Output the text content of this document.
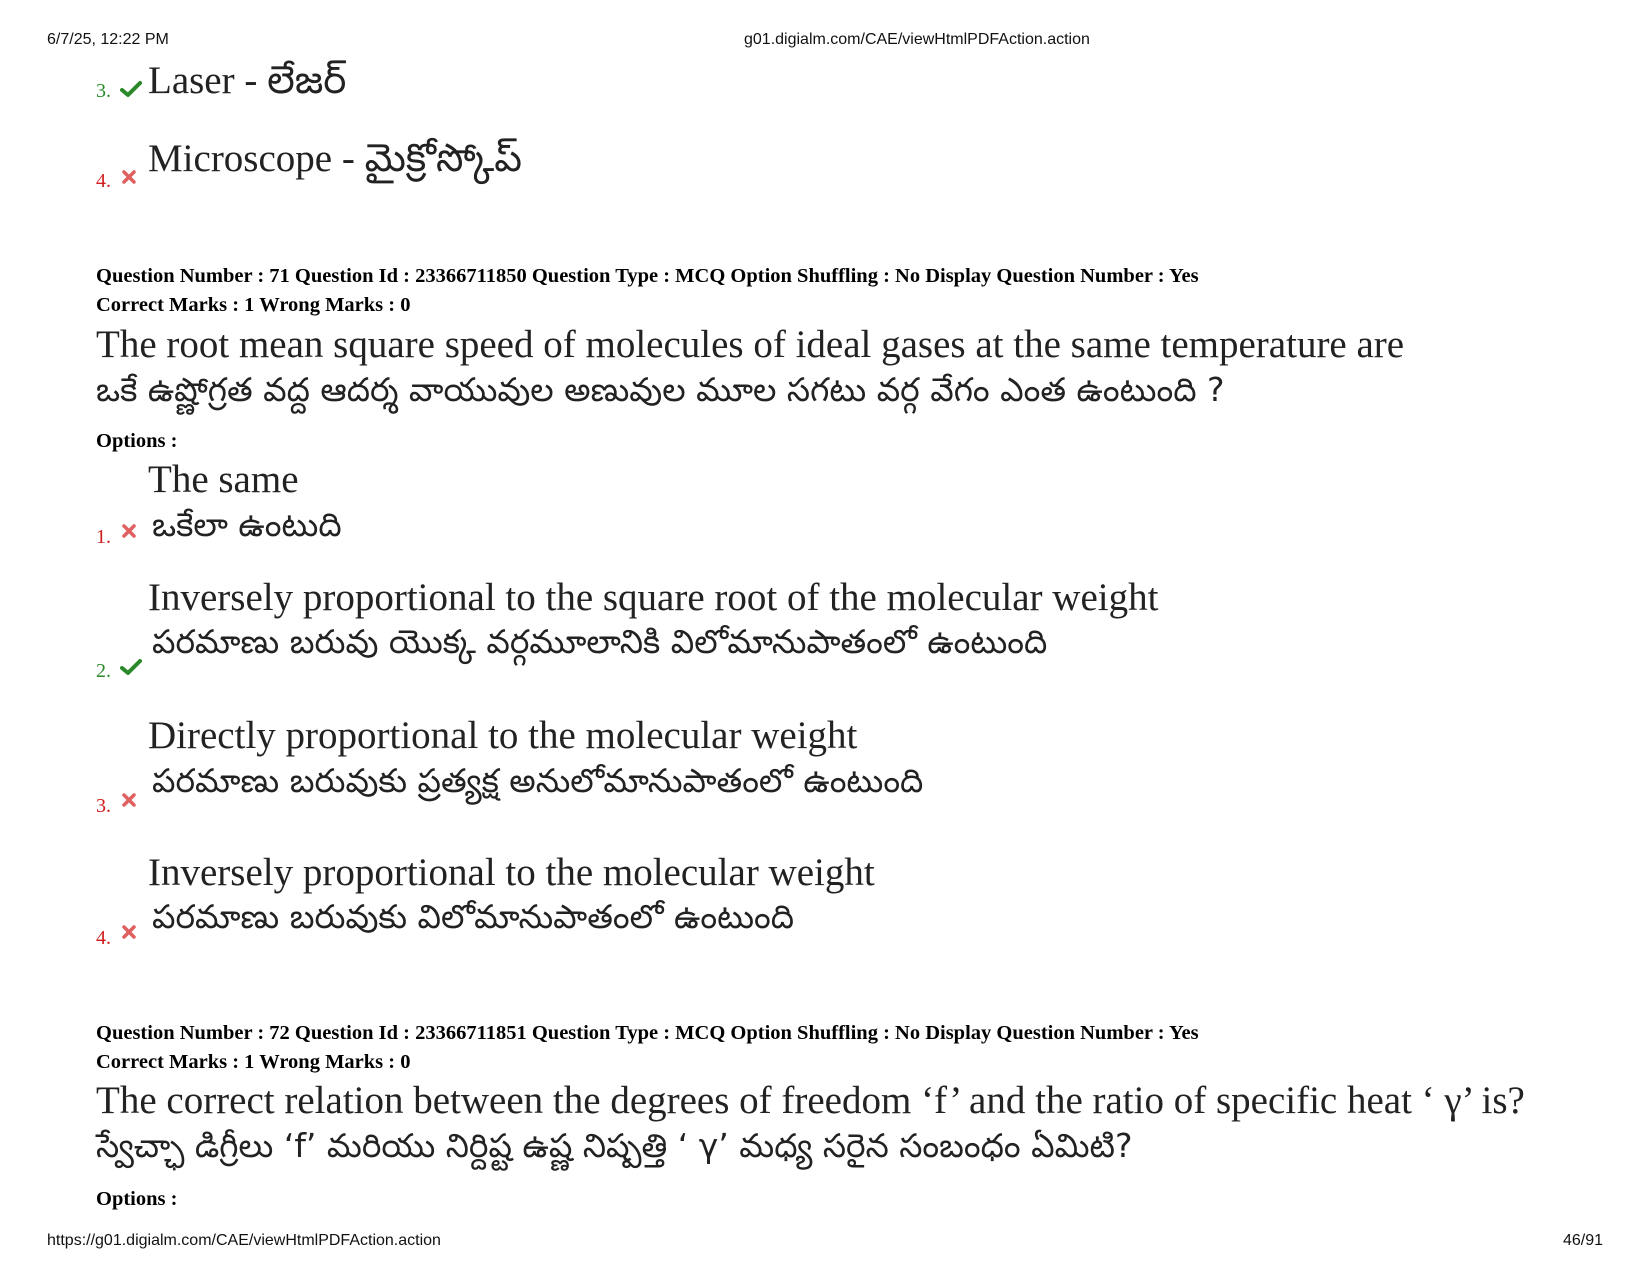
6/7/25, 12:22 PM	g01.digialm.com/CAE/viewHtmlPDFAction.action
3. Laser - లేజర్
4.
Microscope - మైక్రోస్కోప్
Question Number : 71 Question Id : 23366711850 Question Type : MCQ Option Shuffling : No Display Question Number : Yes
Correct Marks : 1 Wrong Marks : 0
The root mean square speed of molecules of ideal gases at the same temperature are
ఒకే ఉష్ణోగ్రత వద్ద ఆదర్శ వాయువుల అణువుల మూల సగటు వర్గ వేగం ఎంత ఉంటుంది ?
Options :
The same
ఒకేలా ఉంటుది
1.
Inversely proportional to the square root of the molecular weight
పరమాణు బరువు యొక్క వర్గమూలానికి విలోమానుపాతంలో ఉంటుంది
2.
Directly proportional to the molecular weight
పరమాణు బరువుకు ప్రత్యక్ష అనులోమానుపాతంలో ఉంటుంది
3.
Inversely proportional to the molecular weight
పరమాణు బరువుకు విలోమానుపాతంలో ఉంటుంది
4.
Question Number : 72 Question Id : 23366711851 Question Type : MCQ Option Shuffling : No Display Question Number : Yes
Correct Marks : 1 Wrong Marks : 0
The correct relation between the degrees of freedom ‘f’ and the ratio of specific heat ‘ γ’ is?
స్వేచ్ఛా డిగ్రీలు ‘f’ మరియు నిర్దిష్ట ఉష్ణ నిష్పత్తి ‘ γ’ మధ్య సరైన సంబంధం ఏమిటి?
Options :
https://g01.digialm.com/CAE/viewHtmlPDFAction.action	46/91
